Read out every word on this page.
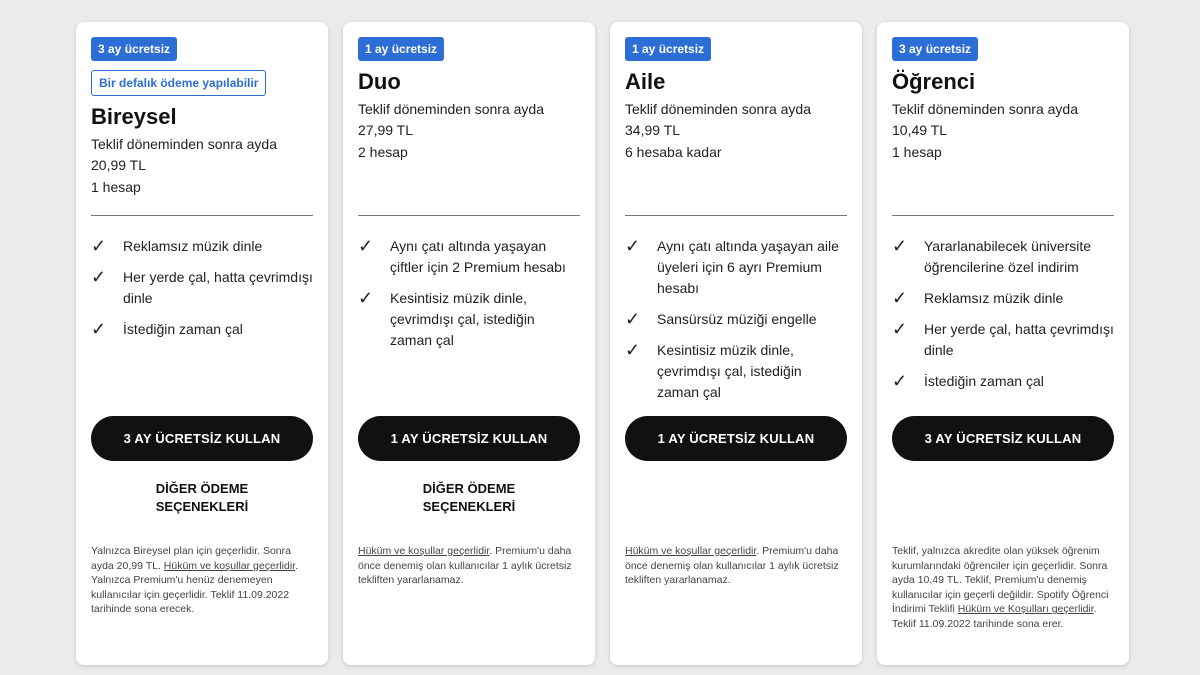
3 ay ücretsiz
Bir defalık ödeme yapılabilir
Bireysel
Teklif döneminden sonra ayda
20,99 TL
1 hesap
✓	Reklamsız müzik dinle
✓	Her yerde çal, hatta çevrimdışı dinle
✓	İstediğin zaman çal
3 AY ÜCRETSİZ KULLAN
DİĞER ÖDEME SEÇENEKLERİ
Yalnızca Bireysel plan için geçerlidir. Sonra ayda 20,99 TL. Hüküm ve koşullar geçerlidir. Yalnızca Premium'u henüz denemeyen kullanıcılar için geçerlidir. Teklif 11.09.2022 tarihinde sona erecek.
1 ay ücretsiz

Duo
Teklif döneminden sonra ayda
27,99 TL
2 hesap
✓	Aynı çatı altında yaşayan çiftler için 2 Premium hesabı
✓	Kesintisiz müzik dinle, çevrimdışı çal, istediğin zaman çal
1 AY ÜCRETSİZ KULLAN
DİĞER ÖDEME SEÇENEKLERİ
Hüküm ve koşullar geçerlidir. Premium'u daha önce denemiş olan kullanıcılar 1 aylık ücretsiz tekliften yararlanamaz.
1 ay ücretsiz

Aile
Teklif döneminden sonra ayda
34,99 TL
6 hesaba kadar
✓	Aynı çatı altında yaşayan aile üyeleri için 6 ayrı Premium hesabı
✓	Sansürsüz müziği engelle
✓	Kesintisiz müzik dinle, çevrimdışı çal, istediğin zaman çal
1 AY ÜCRETSİZ KULLAN
Hüküm ve koşullar geçerlidir. Premium'u daha önce denemiş olan kullanıcılar 1 aylık ücretsiz tekliften yararlanamaz.
3 ay ücretsiz

Öğrenci
Teklif döneminden sonra ayda
10,49 TL
1 hesap
✓	Yararlanabilecek üniversite öğrencilerine özel indirim
✓	Reklamsız müzik dinle
✓	Her yerde çal, hatta çevrimdışı dinle
✓	İstediğin zaman çal
3 AY ÜCRETSİZ KULLAN
Teklif, yalnızca akredite olan yüksek öğrenim kurumlarındaki öğrenciler için geçerlidir. Sonra ayda 10,49 TL. Teklif, Premium'u denemiş kullanıcılar için geçerli değildir. Spotify Öğrenci İndirimi Teklifi Hüküm ve Koşulları geçerlidir. Teklif 11.09.2022 tarihinde sona erer.
